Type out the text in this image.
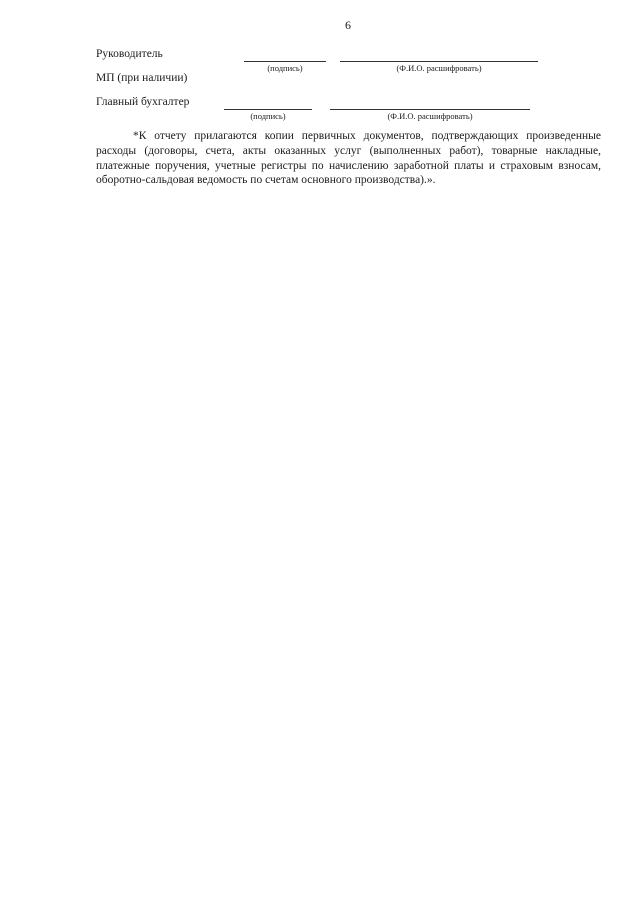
6
Руководитель
(подпись)	(Ф.И.О. расшифровать)
МП (при наличии)
Главный бухгалтер
(подпись)	(Ф.И.О. расшифровать)
*К отчету прилагаются копии первичных документов, подтверждающих произведенные расходы (договоры, счета, акты оказанных услуг (выполненных работ), товарные накладные, платежные поручения, учетные регистры по начислению заработной платы и страховым взносам, оборотно-сальдовая ведомость по счетам основного производства).».
